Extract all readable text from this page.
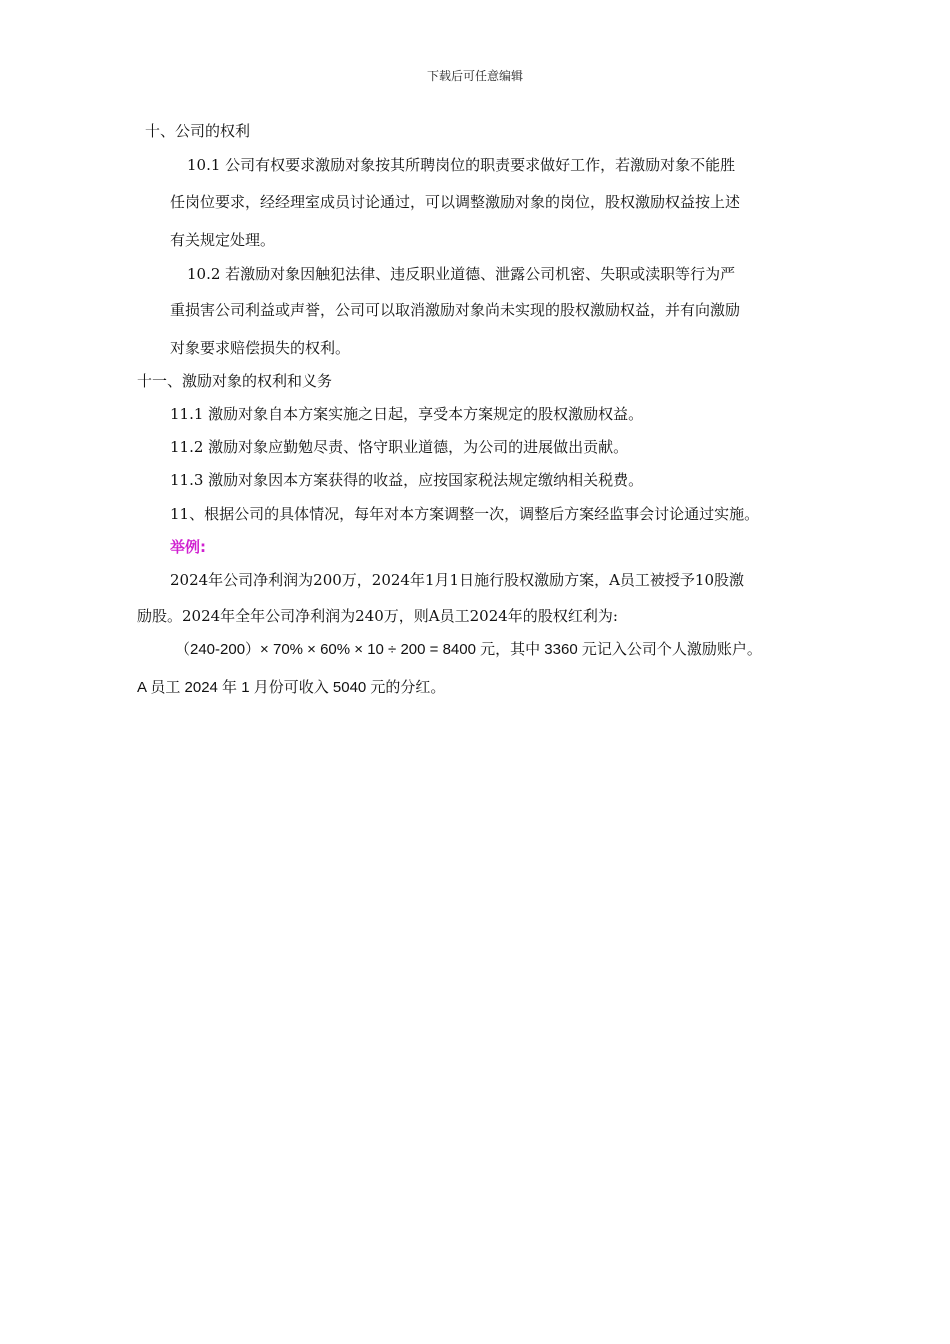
下载后可任意编辑
十、公司的权利
10.1 公司有权要求激励对象按其所聘岗位的职责要求做好工作，若激励对象不能胜
任岗位要求，经经理室成员讨论通过，可以调整激励对象的岗位，股权激励权益按上述
有关规定处理。
10.2 若激励对象因触犯法律、违反职业道德、泄露公司机密、失职或渎职等行为严
重损害公司利益或声誉，公司可以取消激励对象尚未实现的股权激励权益，并有向激励
对象要求赔偿损失的权利。
十一、激励对象的权利和义务
11.1 激励对象自本方案实施之日起，享受本方案规定的股权激励权益。
11.2 激励对象应勤勉尽责、恪守职业道德，为公司的进展做出贡献。
11.3 激励对象因本方案获得的收益，应按国家税法规定缴纳相关税费。
11、根据公司的具体情况，每年对本方案调整一次，调整后方案经监事会讨论通过实施。
举例:
2024年公司净利润为200万，2024年1月1日施行股权激励方案，A员工被授予10股激
励股。2024年全年公司净利润为240万，则A员工2024年的股权红利为:
（240-200）× 70% × 60% × 10 ÷ 200 = 8400 元，其中 3360 元记入公司个人激励账户。
A 员工 2024 年 1 月份可收入 5040 元的分红。
